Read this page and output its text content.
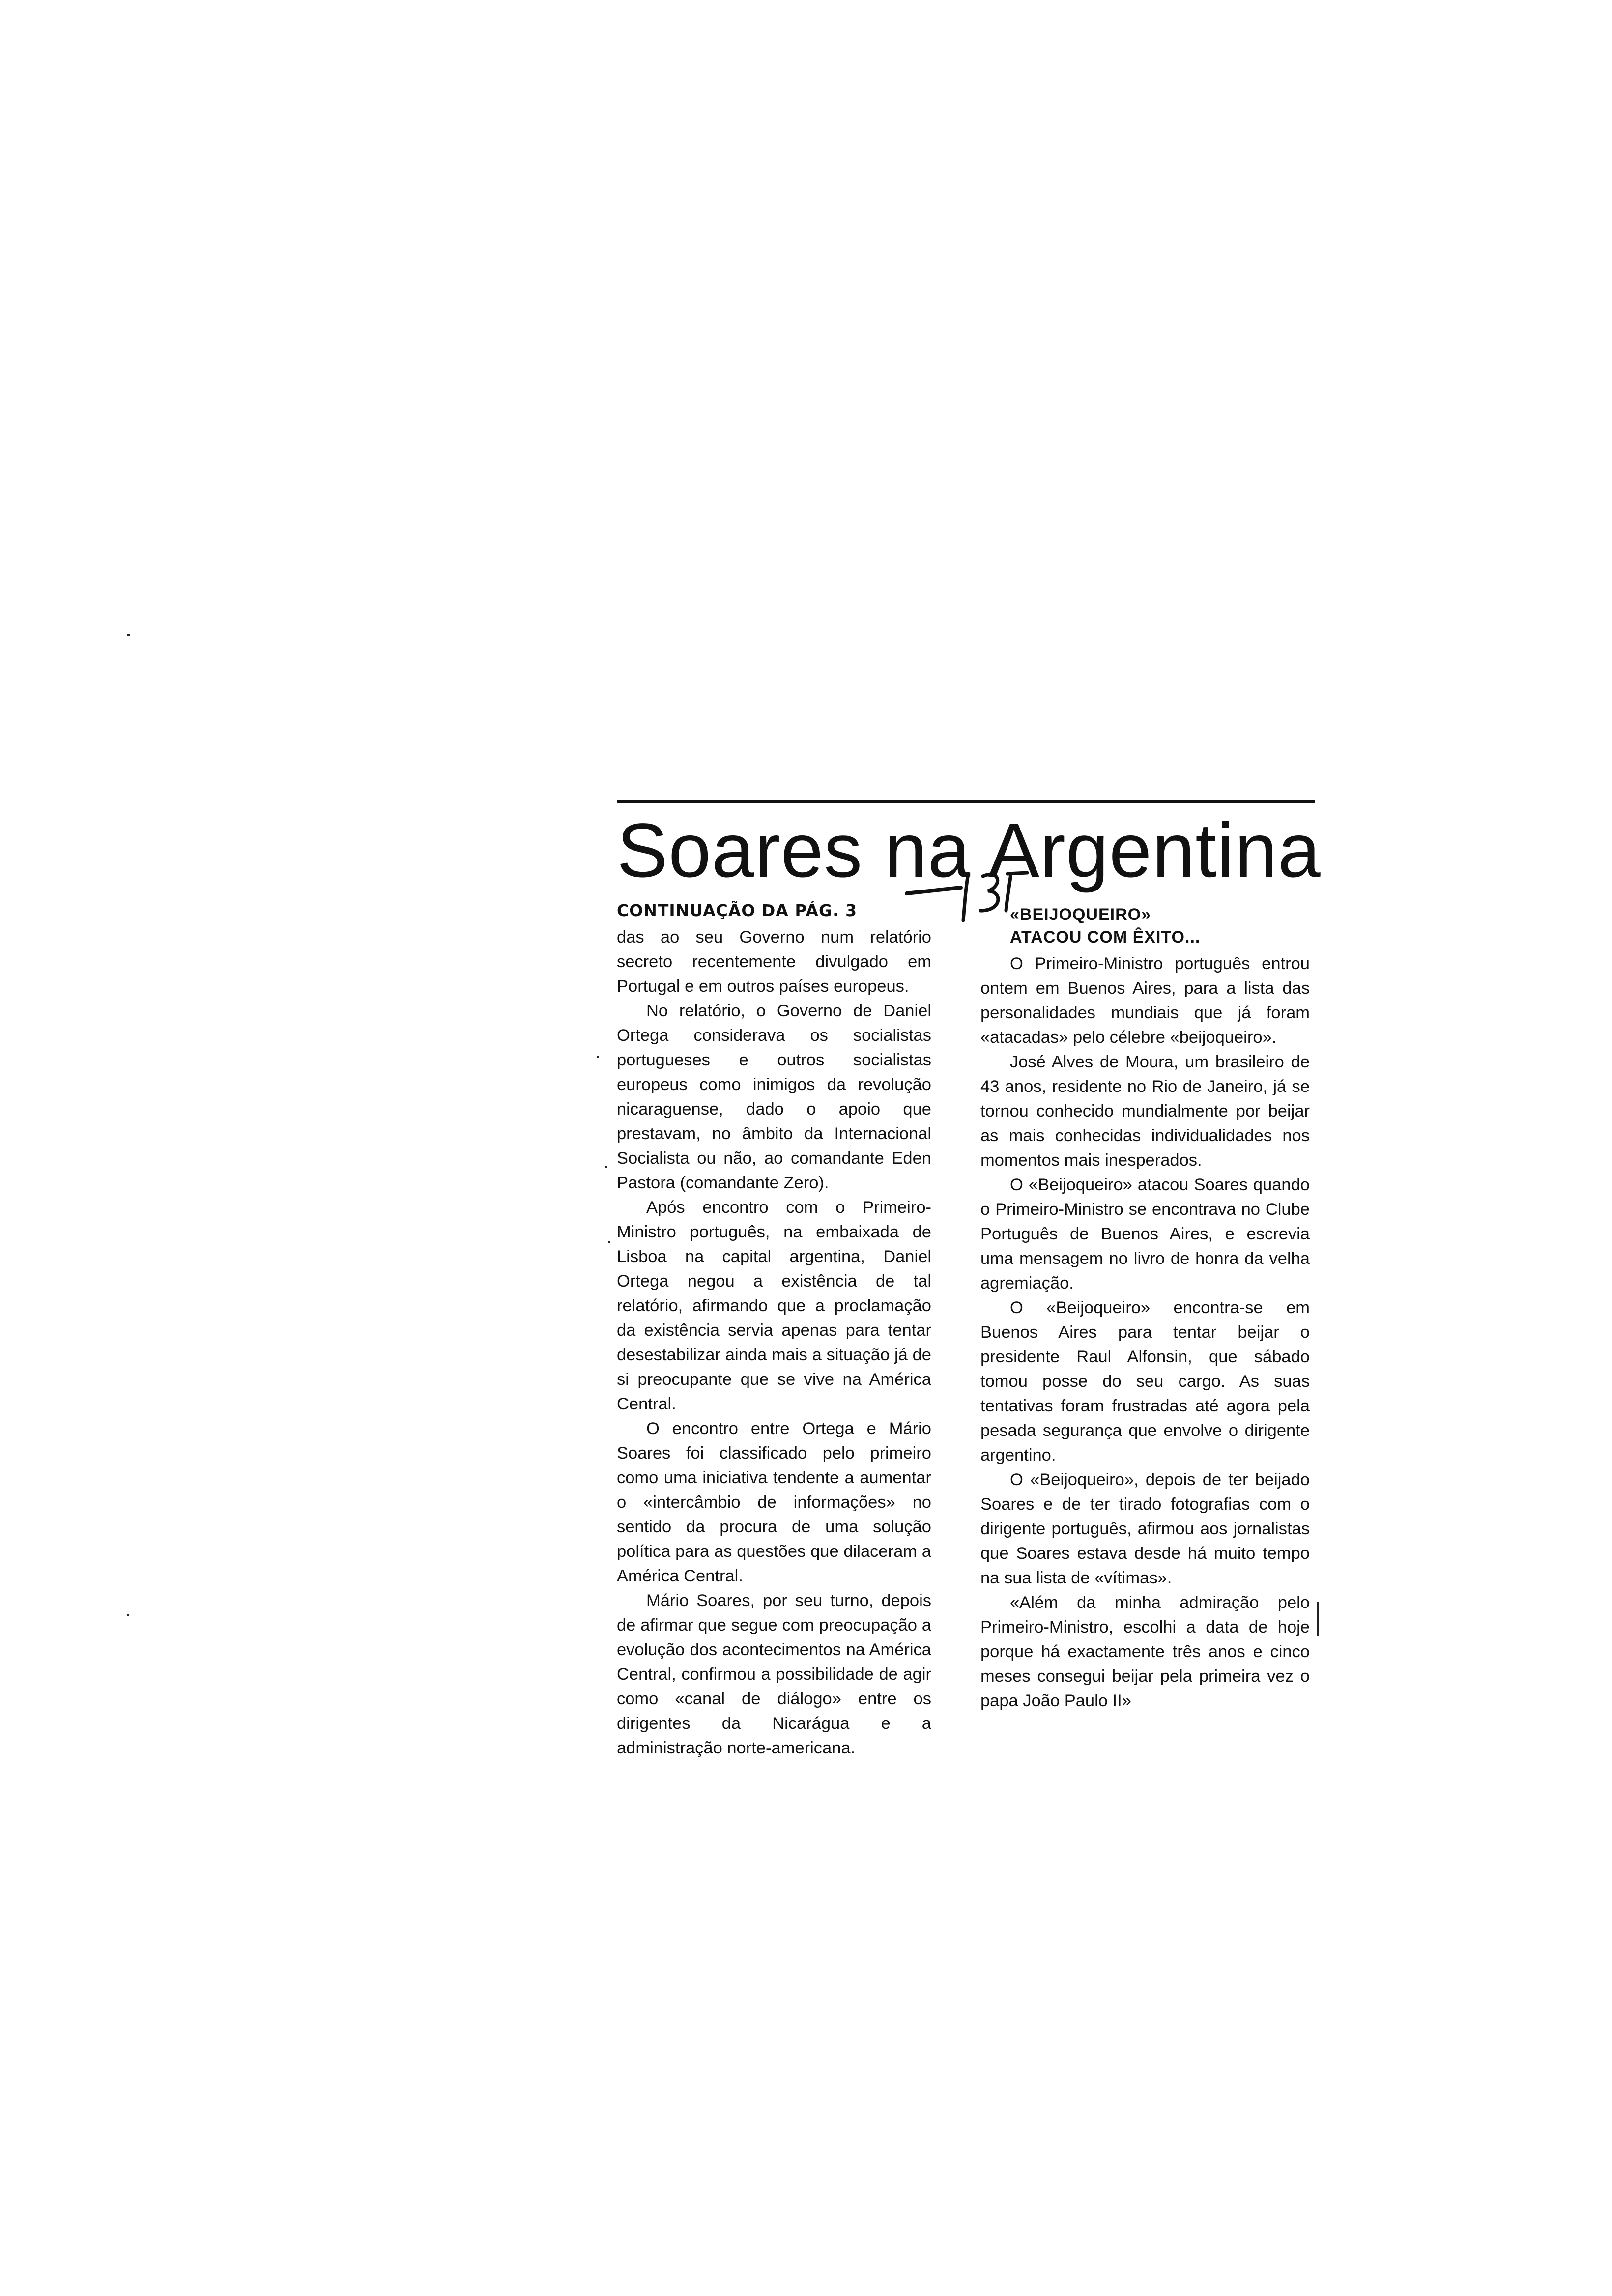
Soares na Argentina
CONTINUAÇÃO DA PÁG. 3

das ao seu Governo num relatório secreto recentemente divulgado em Portugal e em outros países europeus.

No relatório, o Governo de Daniel Ortega considerava os socialistas portugueses e outros socialistas europeus como inimigos da revolução nicaraguense, dado o apoio que prestavam, no âmbito da Internacional Socialista ou não, ao comandante Eden Pastora (comandante Zero).

Após encontro com o Primeiro-Ministro português, na embaixada de Lisboa na capital argentina, Daniel Ortega negou a existência de tal relatório, afirmando que a proclamação da existência servia apenas para tentar desestabilizar ainda mais a situação já de si preocupante que se vive na América Central.

O encontro entre Ortega e Mário Soares foi classificado pelo primeiro como uma iniciativa tendente a aumentar o «intercâmbio de informações» no sentido da procura de uma solução política para as questões que dilaceram a América Central.

Mário Soares, por seu turno, depois de afirmar que segue com preocupação a evolução dos acontecimentos na América Central, confirmou a possibilidade de agir como «canal de diálogo» entre os dirigentes da Nicarágua e a administração norte-americana.

«BEIJOQUEIRO»
ATACOU COM ÊXITO...

O Primeiro-Ministro português entrou ontem em Buenos Aires, para a lista das personalidades mundiais que já foram «atacadas» pelo célebre «beijoqueiro».

José Alves de Moura, um brasileiro de 43 anos, residente no Rio de Janeiro, já se tornou conhecido mundialmente por beijar as mais conhecidas individualidades nos momentos mais inesperados.

O «Beijoqueiro» atacou Soares quando o Primeiro-Ministro se encontrava no Clube Português de Buenos Aires, e escrevia uma mensagem no livro de honra da velha agremiação.

O «Beijoqueiro» encontra-se em Buenos Aires para tentar beijar o presidente Raul Alfonsin, que sábado tomou posse do seu cargo. As suas tentativas foram frustradas até agora pela pesada segurança que envolve o dirigente argentino.

O «Beijoqueiro», depois de ter beijado Soares e de ter tirado fotografias com o dirigente português, afirmou aos jornalistas que Soares estava desde há muito tempo na sua lista de «vítimas».

«Além da minha admiração pelo Primeiro-Ministro, escolhi a data de hoje porque há exactamente três anos e cinco meses consegui beijar pela primeira vez o papa João Paulo II»
